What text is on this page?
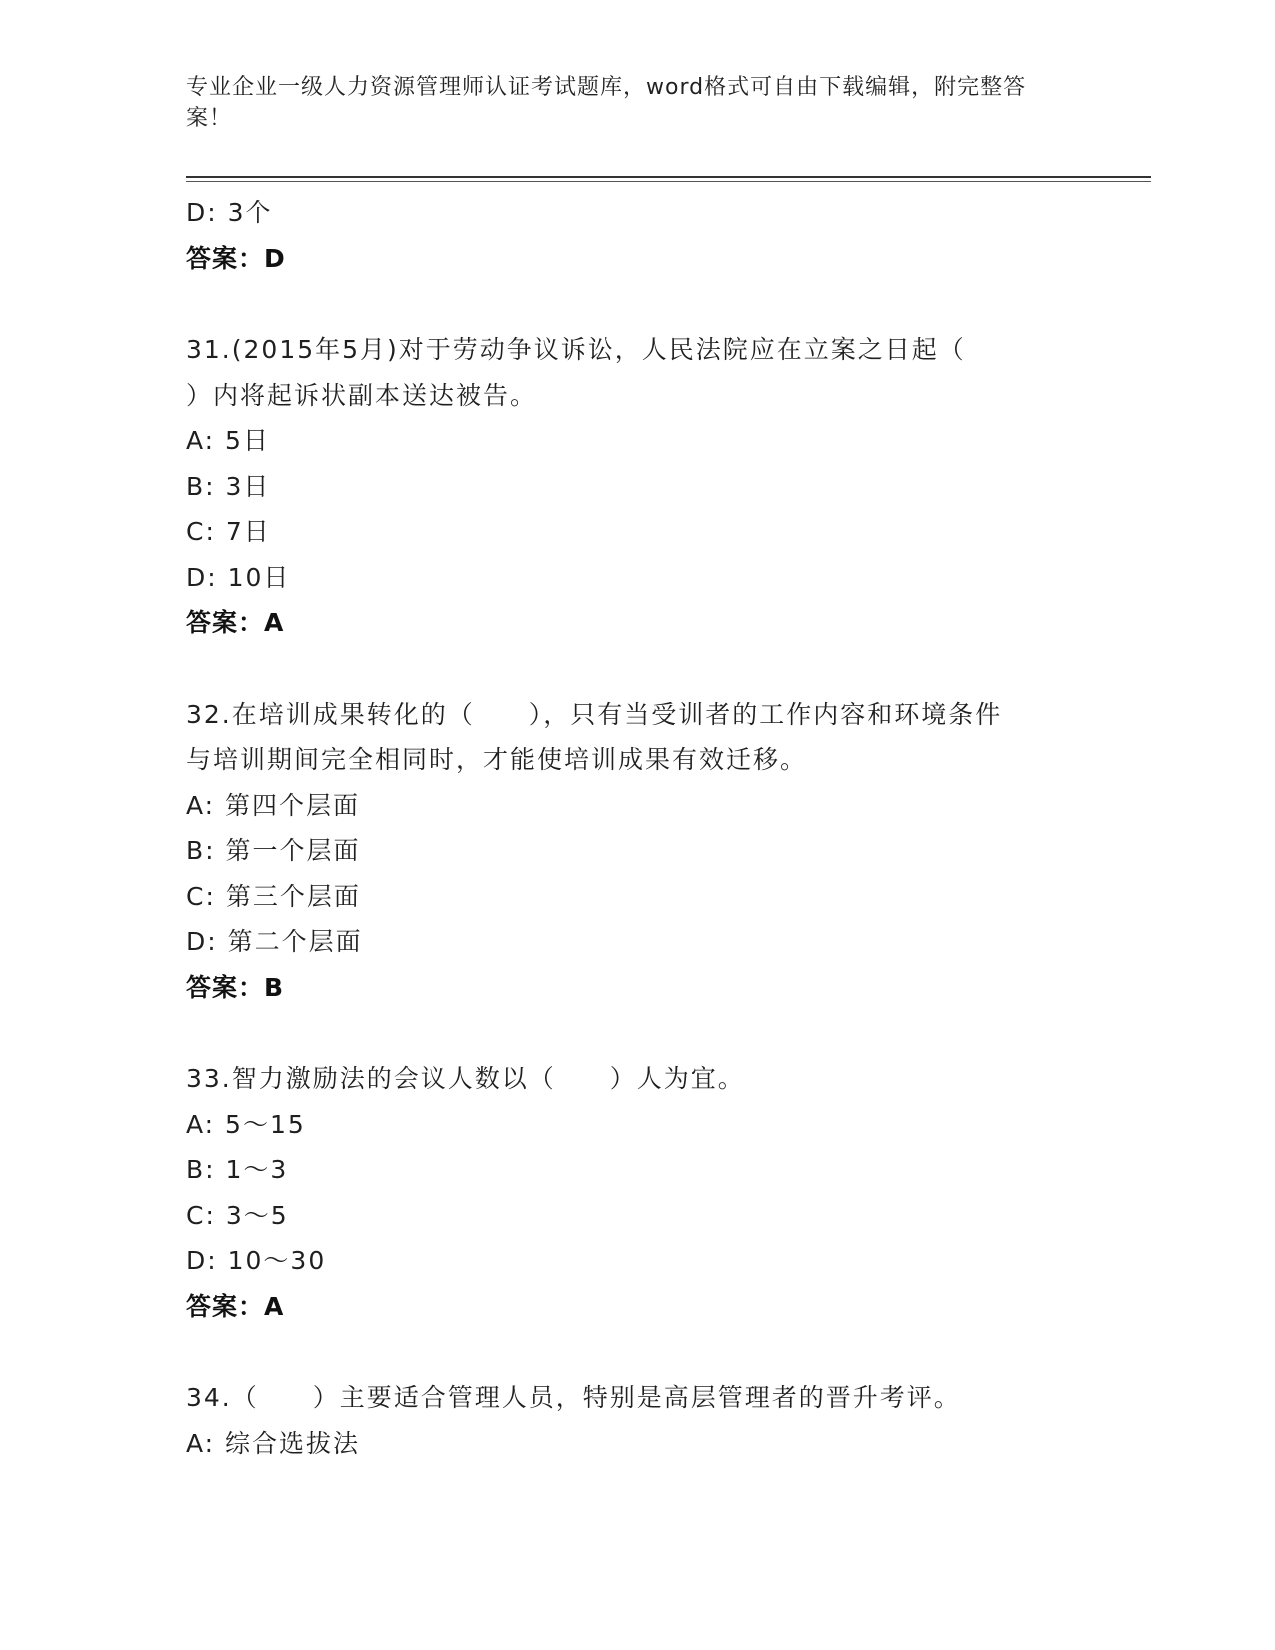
专业企业一级人力资源管理师认证考试题库，word格式可自由下载编辑，附完整答案！
D: 3个
答案：D
31.(2015年5月)对于劳动争议诉讼，人民法院应在立案之日起（
）内将起诉状副本送达被告。
A: 5日
B: 3日
C: 7日
D: 10日
答案：A
32.在培训成果转化的（　　），只有当受训者的工作内容和环境条件
与培训期间完全相同时，才能使培训成果有效迁移。
A: 第四个层面
B: 第一个层面
C: 第三个层面
D: 第二个层面
答案：B
33.智力激励法的会议人数以（　　）人为宜。
A: 5～15
B: 1～3
C: 3～5
D: 10～30
答案：A
34.（　　）主要适合管理人员，特别是高层管理者的晋升考评。
A: 综合选拔法
